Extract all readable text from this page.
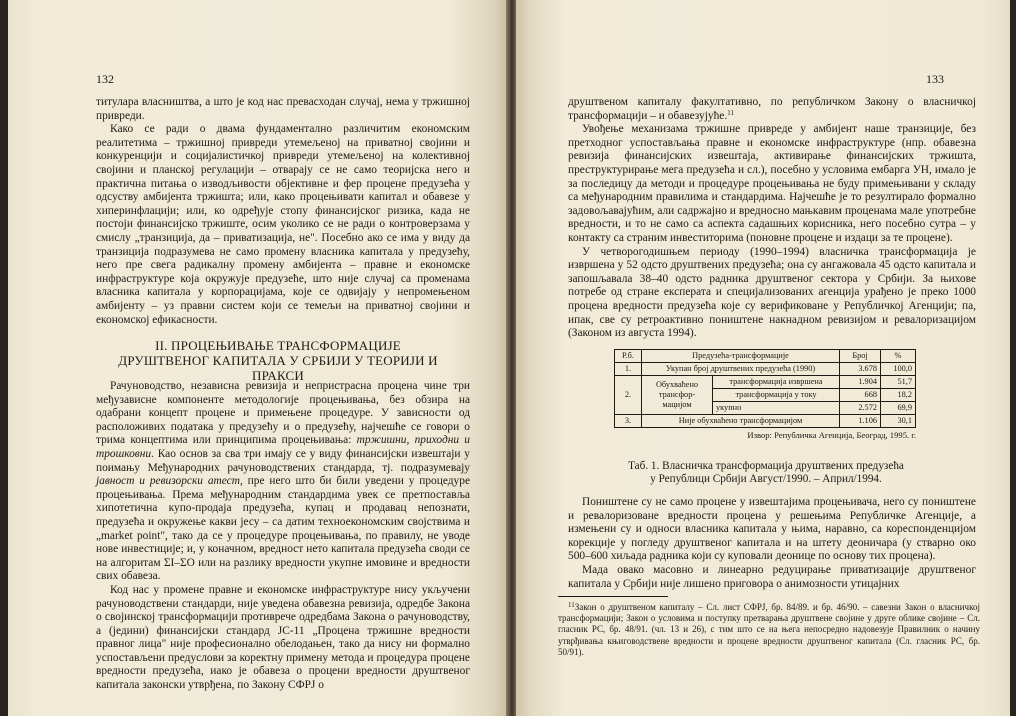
132

титулара власништва, а што је код нас превасходан случај, нема у тржишној привреди.

Како се ради о двама фундаментално различитим економским реалитетима – тржишној привреди утемељеној на приватној својини и конкуренцији и социјалистичкој привреди утемељеној на колективној својини и планској регулацији – отварају се не само теоријска него и практична питања о изводљивости објективне и фер процене предузећа у одсуству амбијента тржишта; или, како процењивати капитал и обавезе у хиперинфлацији; или, ко одређује стопу финансијског ризика, када не постоји финансијско тржиште, осим уколико се не ради о контроверзама у смислу „транзиција, да – приватизација, не". Посебно ако се има у виду да транзиција подразумева не само промену власника капитала у предузећу, него пре свега радикалну промену амбијента – правне и економске инфраструктуре која окружује предузеће, што није случај са променама власника капитала у корпорацијама, које се одвијају у непромењеном амбијенту – уз правни систем који се темељи на приватној својини и економској ефикасности.

II. ПРОЦЕЊИВАЊЕ ТРАНСФОРМАЦИЈЕ ДРУШТВЕНОГ КАПИТАЛА У СРБИЈИ У ТЕОРИЈИ И ПРАКСИ

Рачуноводство, независна ревизија и непристрасна процена чине три међузависне компоненте методологије процењивања, без обзира на одабрани концепт процене и примењене процедуре. У зависности од расположивих података у предузећу и о предузећу, најчешће се говори о трима концептима или принципима процењивања: тржишни, приходни и трошковни. Као основ за сва три имају се у виду финансијски извештаји у поимању Међународних рачуноводствених стандарда, тј. подразумевају јавност и ревизорски атест, пре него што би били уведени у процедуре процењивања. Према међународним стандардима увек се претпоставља хипотетична купо-продаја предузећа, купац и продавац непознати, предузећа и окружење какви јесу – са датим техноекономским својствима и „market point", тако да се у процедуре процењивања, по правилу, не уводе нове инвестиције; и, у коначном, вредност нето капитала предузећа своди се на алгоритам ΣΙ–ΣΟ или на разлику вредности укупне имовине и вредности свих обавеза.

Код нас у промене правне и економске инфраструктуре нису укључени рачуноводствени стандарди, није уведена обавезна ревизија, одредбе Закона о својинској трансформацији противрече одредбама Закона о рачуноводству, а (једини) финансијски стандард ЈС-11 „Процена тржишне вредности правног лица" није професионално обелодањен, тако да нису ни формално успостављени предуслови за коректну примену метода и процедура процене вредности предузећа, иако је обавеза о процени вредности друштвеног капитала законски утврђена, по Закону СФРЈ о

133

друштвеном капиталу факултативно, по републичком Закону о власничкој трансформацији – и обавезујуће.$^{11}$

Увођење механизама тржишне привреде у амбијент наше транзиције, без претходног успостављања правне и економске инфраструктуре (нпр. обавезна ревизија финансијских извештаја, активирање финансијских тржишта, преструктурирање мега предузећа и сл.), посебно у условима ембарга УН, имало је за последицу да методи и процедуре процењивања не буду примењивани у складу са међународним правилима и стандардима. Најчешће је то резултирало формално задовољавајућим, али садржајно и вредносно мањкавим проценама мале употребне вредности, и то не само са аспекта садашњих корисника, него посебно сутра – у контакту са страним инвеститорима (поновне процене и издаци за те процене).

У четворогодишњем периоду (1990–1994) власничка трансформација је извршена у 52 одсто друштвених предузећа; она су ангажовала 45 одсто капитала и запошљавала 38–40 одсто радника друштвеног сектора у Србији. За њихове потребе од стране експерата и специјализованих агенција урађено је преко 1000 процена вредности предузећа које су верификоване у Републичкој Агенцији; па, ипак, све су ретроактивно поништене накнадном ревизијом и ревалоризацијом (Законом из августа 1994).

Р.б.	Предузећа-трансформације		Број	%
1.	Укупан број друштвених предузећа (1990)		3.678	100,0
2.	Обухваћено трансфор-мацијом	трансформација извршена	1.904	51,7
		трансформација у току	668	18,2
		укупно	2.572	69,9
3.	Није обухваћено трансформацијом		1.106	30,1
Извор: Републичка Агенција, Београд, 1995. г.
Таб. 1. Власничка трансформација друштвених предузећа
у Републици Србији Август/1990. – Април/1994.

Поништене су не само процене у извештајима процењивача, него су поништене и ревалоризоване вредности процена у решењима Републичке Агенције, а измењени су и односи власника капитала у њима, наравно, са кореспонденцијом корекције у погледу друштвеног капитала и на штету деоничара (у стварно око 500–600 хиљада радника који су куповали деонице по основу тих процена).

Мада овако масовно и линеарно редуцирање приватизације друштвеног капитала у Србији није лишено приговора о анимозности утицајних

$^{11}$Закон о друштвеном капиталу – Сл. лист СФРЈ, бр. 84/89. и бр. 46/90. – савезни Закон о власничкој трансформацији; Закон о условима и поступку претварања друштвене својине у друге облике својине – Сл. гласник РС, бр. 48/91. (чл. 13 и 26), с тим што се на њега непосредно надовезује Правилник о начину утврђивања књиговодствене вредности и процене вредности друштвеног капитала (Сл. гласник РС, бр. 50/91).
